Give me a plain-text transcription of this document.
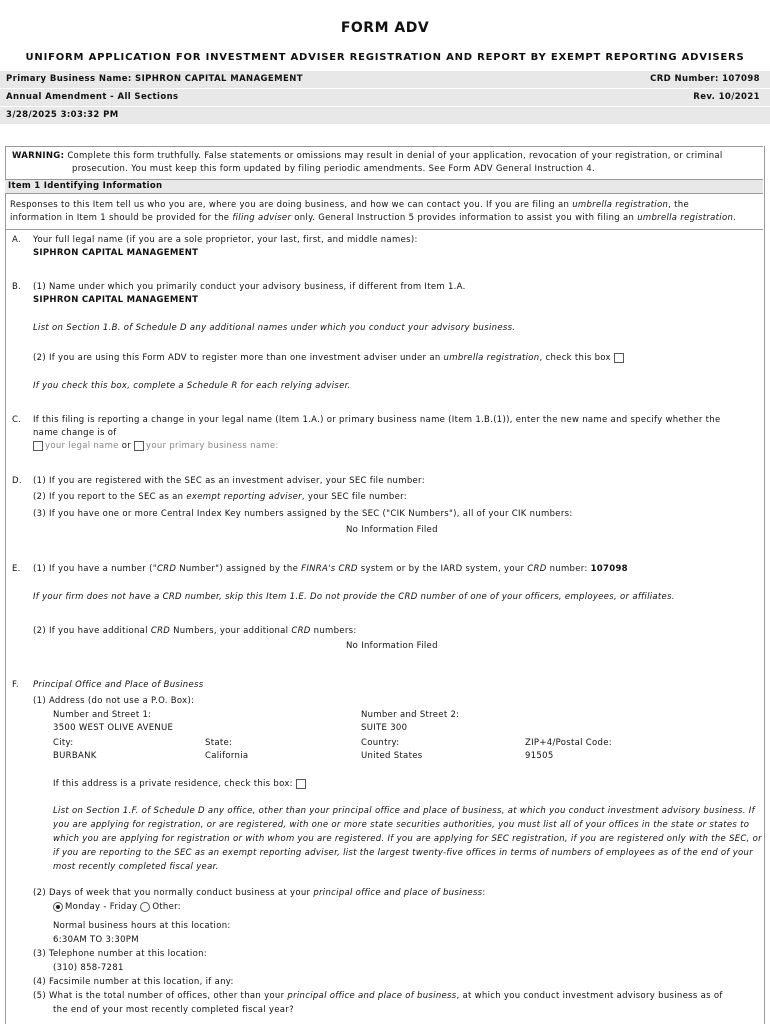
FORM ADV
UNIFORM APPLICATION FOR INVESTMENT ADVISER REGISTRATION AND REPORT BY EXEMPT REPORTING ADVISERS
Primary Business Name: SIPHRON CAPITAL MANAGEMENT	CRD Number: 107098
Annual Amendment - All Sections	Rev. 10/2021
3/28/2025 3:03:32 PM
WARNING: Complete this form truthfully. False statements or omissions may result in denial of your application, revocation of your registration, or criminal
prosecution. You must keep this form updated by filing periodic amendments. See Form ADV General Instruction 4.
Item 1 Identifying Information
Responses to this Item tell us who you are, where you are doing business, and how we can contact you. If you are filing an umbrella registration, the
information in Item 1 should be provided for the filing adviser only. General Instruction 5 provides information to assist you with filing an umbrella registration.
A. Your full legal name (if you are a sole proprietor, your last, first, and middle names):
SIPHRON CAPITAL MANAGEMENT
B. (1) Name under which you primarily conduct your advisory business, if different from Item 1.A.
SIPHRON CAPITAL MANAGEMENT
List on Section 1.B. of Schedule D any additional names under which you conduct your advisory business.
(2) If you are using this Form ADV to register more than one investment adviser under an umbrella registration, check this box
If you check this box, complete a Schedule R for each relying adviser.
C. If this filing is reporting a change in your legal name (Item 1.A.) or primary business name (Item 1.B.(1)), enter the new name and specify whether the
name change is of
your legal name or your primary business name:
D. (1) If you are registered with the SEC as an investment adviser, your SEC file number:
(2) If you report to the SEC as an exempt reporting adviser, your SEC file number:
(3) If you have one or more Central Index Key numbers assigned by the SEC ("CIK Numbers"), all of your CIK numbers:
No Information Filed
E. (1) If you have a number ("CRD Number") assigned by the FINRA's CRD system or by the IARD system, your CRD number: 107098
If your firm does not have a CRD number, skip this Item 1.E. Do not provide the CRD number of one of your officers, employees, or affiliates.
(2) If you have additional CRD Numbers, your additional CRD numbers:
No Information Filed
F. Principal Office and Place of Business
(1) Address (do not use a P.O. Box):
Number and Street 1:
3500 WEST OLIVE AVENUE
Number and Street 2:
SUITE 300
City:
BURBANK
State:
California
Country:
United States
ZIP+4/Postal Code:
91505
If this address is a private residence, check this box:
List on Section 1.F. of Schedule D any office, other than your principal office and place of business, at which you conduct investment advisory business. If
you are applying for registration, or are registered, with one or more state securities authorities, you must list all of your offices in the state or states to
which you are applying for registration or with whom you are registered. If you are applying for SEC registration, if you are registered only with the SEC, or
if you are reporting to the SEC as an exempt reporting adviser, list the largest twenty-five offices in terms of numbers of employees as of the end of your
most recently completed fiscal year.
(2) Days of week that you normally conduct business at your principal office and place of business:
Monday - Friday Other:
Normal business hours at this location:
6:30AM TO 3:30PM
(3) Telephone number at this location:
(310) 858-7281
(4) Facsimile number at this location, if any:
(5) What is the total number of offices, other than your principal office and place of business, at which you conduct investment advisory business as of
the end of your most recently completed fiscal year?
